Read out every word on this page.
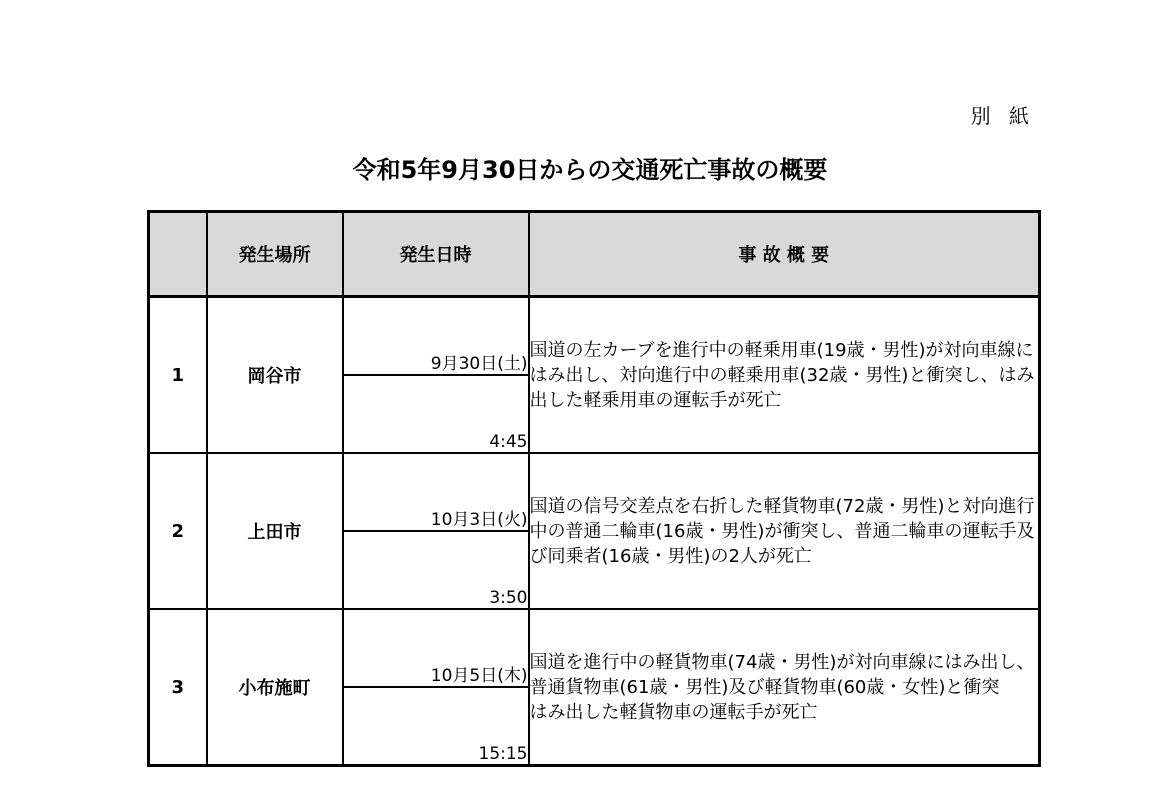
別 紙
令和5年9月30日からの交通死亡事故の概要
	発生場所	発生日時	事 故 概 要
1	岡谷市	9月30日(土)	国道の左カーブを進行中の軽乗用車(19歳・男性)が対向車線にはみ出し、対向進行中の軽乗用車(32歳・男性)と衝突し、はみ出した軽乗用車の運転手が死亡
		4:45	
2	上田市	10月3日(火)	国道の信号交差点を右折した軽貨物車(72歳・男性)と対向進行中の普通二輪車(16歳・男性)が衝突し、普通二輪車の運転手及び同乗者(16歳・男性)の2人が死亡
		3:50	
3	小布施町	10月5日(木)	国道を進行中の軽貨物車(74歳・男性)が対向車線にはみ出し、普通貨物車(61歳・男性)及び軽貨物車(60歳・女性)と衝突
はみ出した軽貨物車の運転手が死亡

		15:15	
